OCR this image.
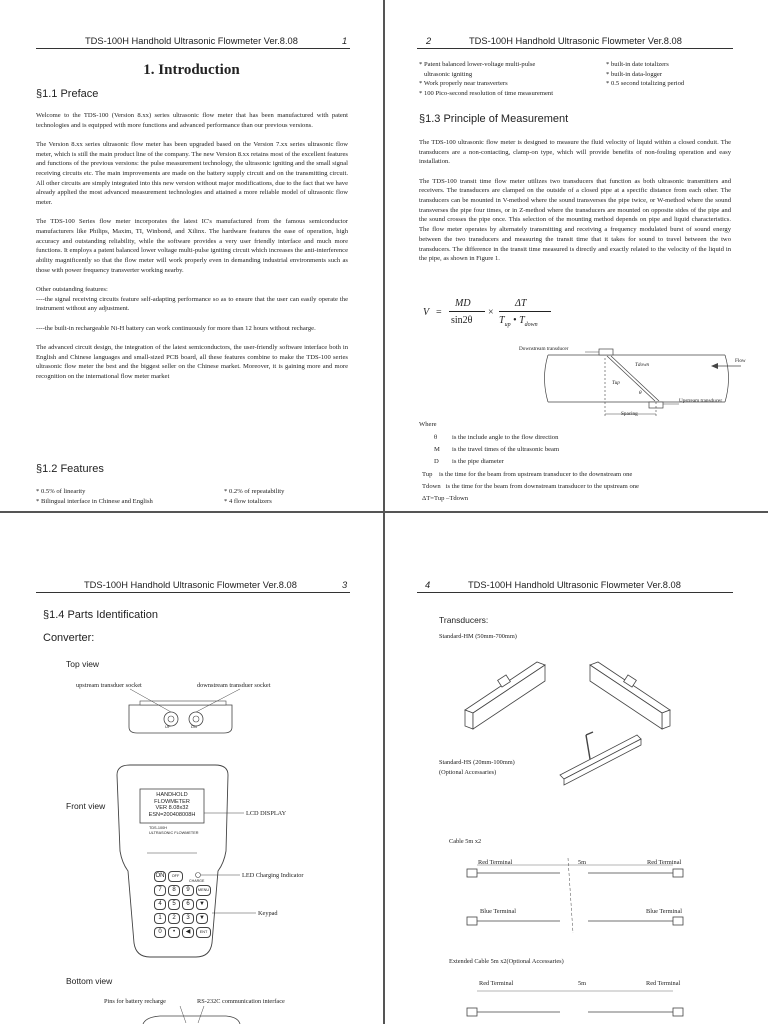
TDS-100H Handhold Ultrasonic Flowmeter Ver.8.08	1
1. Introduction
§1.1 Preface

Welcome to the TDS-100 (Version 8.xx) series ultrasonic flow meter that has been manufactured with patent technologies and is equipped with more functions and advanced performance than our previous versions.

The Version 8.xx series ultrasonic flow meter has been upgraded based on the Version 7.xx series ultrasonic flow meter, which is still the main product line of the company. The new Version 8.xx retains most of the excellent features and functions of the previous versions: the pulse measurement technology, the ultrasonic igniting and the small signal receiving circuits etc. The main improvements are made on the battery supply circuit and on the transmitting circuit. All other circuits are simply integrated into this new version without major modifications, due to the fact that we have already applied the most advanced measurement technologies and attained a more reliable model of ultrasonic flow meter.

The TDS-100 Series flow meter incorporates the latest IC's manufactured from the famous semiconductor manufacturers like Philips, Maxim, TI, Winbond, and Xilinx. The hardware features the ease of operation, high accuracy and outstanding reliability, while the software provides a very user friendly interface and much more functions. It employs a patent balanced lower voltage multi-pulse igniting circuit which increases the anti-interference ability magnificently so that the flow meter will work properly even in demanding industrial environments such as those with power frequency transverter working nearby.

Other outstanding features:
----the signal receiving circuits feature self-adapting performance so as to ensure that the user can easily operate the instrument without any adjustment.

----the built-in rechargeable Ni-H battery can work continuously for more than 12 hours without recharge.

The advanced circuit design, the integration of the latest semiconductors, the user-friendly software interface both in English and Chinese languages and small-sized PCB board, all these features combine to make the TDS-100 series ultrasonic flow meter the best and the biggest seller on the Chinese market. Moreover, it is gaining more and more recognition on the international flow meter market

§1.2 Features
* 0.5% of linearity
* Bilingual interface in Chinese and English
* 0.2% of repeatability
* 4 flow totalizers
2	TDS-100H Handhold Ultrasonic Flowmeter Ver.8.08
* Patent balanced lower-voltage multi-pulse
ultrasonic igniting
* Work properly near transverters
* 100 Pico-second resolution of time measurement
* built-in date totalizers
* built-in data-logger
* 0.5 second totalizing period
§1.3 Principle of Measurement

The TDS-100 ultrasonic flow meter is designed to measure the fluid velocity of liquid within a closed conduit. The transducers are a non-contacting, clamp-on type, which will provide benefits of non-fouling operation and easy installation.

The TDS-100 transit time flow meter utilizes two transducers that function as both ultrasonic transmitters and receivers. The transducers are clamped on the outside of a closed pipe at a specific distance from each other. The transducers can be mounted in V-method where the sound transverses the pipe twice, or W-method where the sound transverses the pipe four times, or in Z-method where the transducers are mounted on opposite sides of the pipe and the sound crosses the pipe once. This selection of the mounting method depends on pipe and liquid characteristics. The flow meter operates by alternately transmitting and receiving a frequency modulated burst of sound energy between the two transducers and measuring the transit time that it takes for sound to travel between the two transducers. The difference in the transit time measured is directly and exactly related to the velocity of the liquid in the pipe, as shown in Figure 1.

V =
MD
sin2θ
×
ΔT
$T_{up}$ • $T_{down}$
Downstream transducer
Tdown
Tup
θ
Flow
Upstream transducer
Spacing
Where
θ is the include angle to the flow direction
M is the travel times of the ultrasonic beam
D is the pipe diameter
Tup    is the time for the beam from upstream transducer to the downstream one
Tdown   is the time for the beam from downstream transducer to the upstream one
ΔT=Tup –Tdown
TDS-100H Handhold Ultrasonic Flowmeter Ver.8.08	3
§1.4 Parts Identification
Converter:
Top view
upstream transduer socket	downstream transduer socket
UP	DN
Front view
HANDHOLD
FLOWMETER
VER 8.08x32
ESN=200408008H
TDS-100H
ULTRASONIC FLOWMETER
LCD DISPLAY
LED Charging Indicator
CHARGE
Keypad
ON	OFF
7	8	9	MENU
4	5	6	▼
1	2	3	▼
0	•	◀	ENT
Bottom view
Pins for battery recharge	RS-232C communication interface
4	TDS-100H Handhold Ultrasonic Flowmeter Ver.8.08
Transducers:
Standard-HM (50mm-700mm)
Standard-HS (20mm-100mm)
(Optional Accessaries)
Cable 5m x2
Red Terminal	5m	Red Terminal
Blue Terminal	Blue Terminal
Extended Cable 5m x2(Optional Accessaries)
Red Terminal	5m	Red Terminal
